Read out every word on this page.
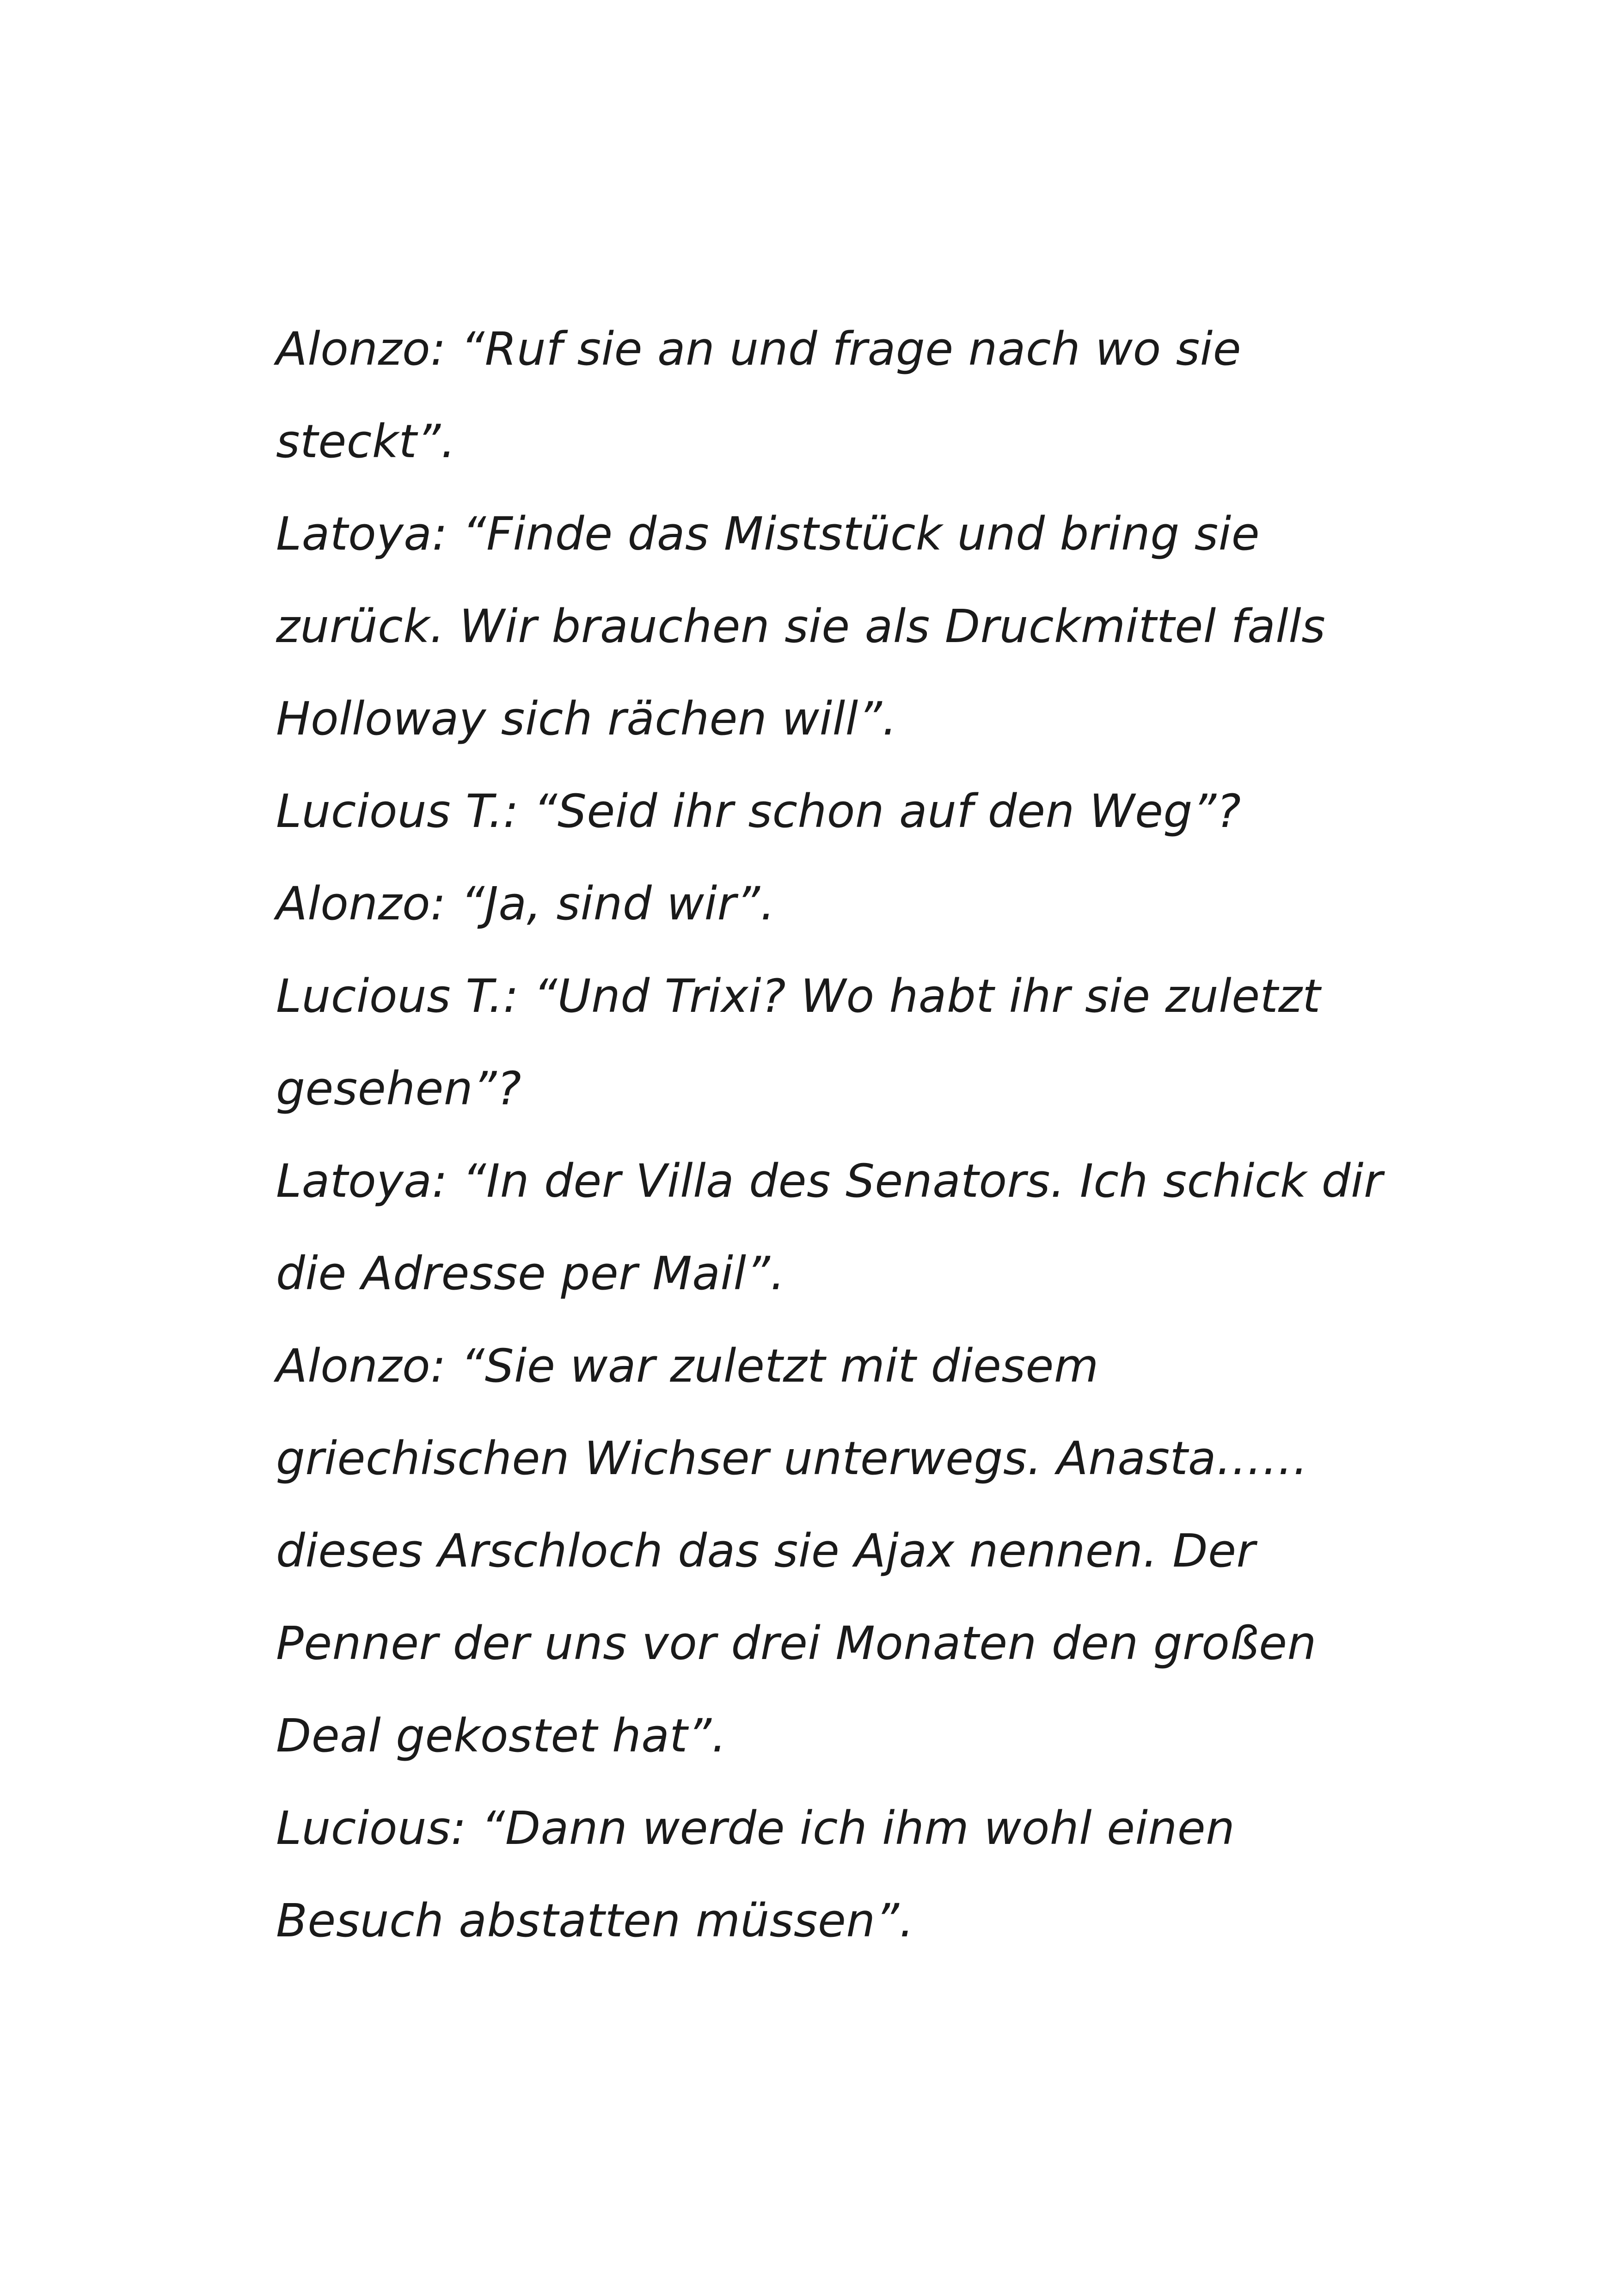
Alonzo: “Ruf sie an und frage nach wo sie
steckt”.
Latoya: “Finde das Miststück und bring sie
zurück. Wir brauchen sie als Druckmittel falls
Holloway sich rächen will”.
Lucious T.: “Seid ihr schon auf den Weg”?
Alonzo: “Ja, sind wir”.
Lucious T.: “Und Trixi? Wo habt ihr sie zuletzt
gesehen”?
Latoya: “In der Villa des Senators. Ich schick dir
die Adresse per Mail”.
Alonzo: “Sie war zuletzt mit diesem
griechischen Wichser unterwegs. Anasta……
dieses Arschloch das sie Ajax nennen. Der
Penner der uns vor drei Monaten den großen
Deal gekostet hat”.
Lucious: “Dann werde ich ihm wohl einen
Besuch abstatten müssen”.
